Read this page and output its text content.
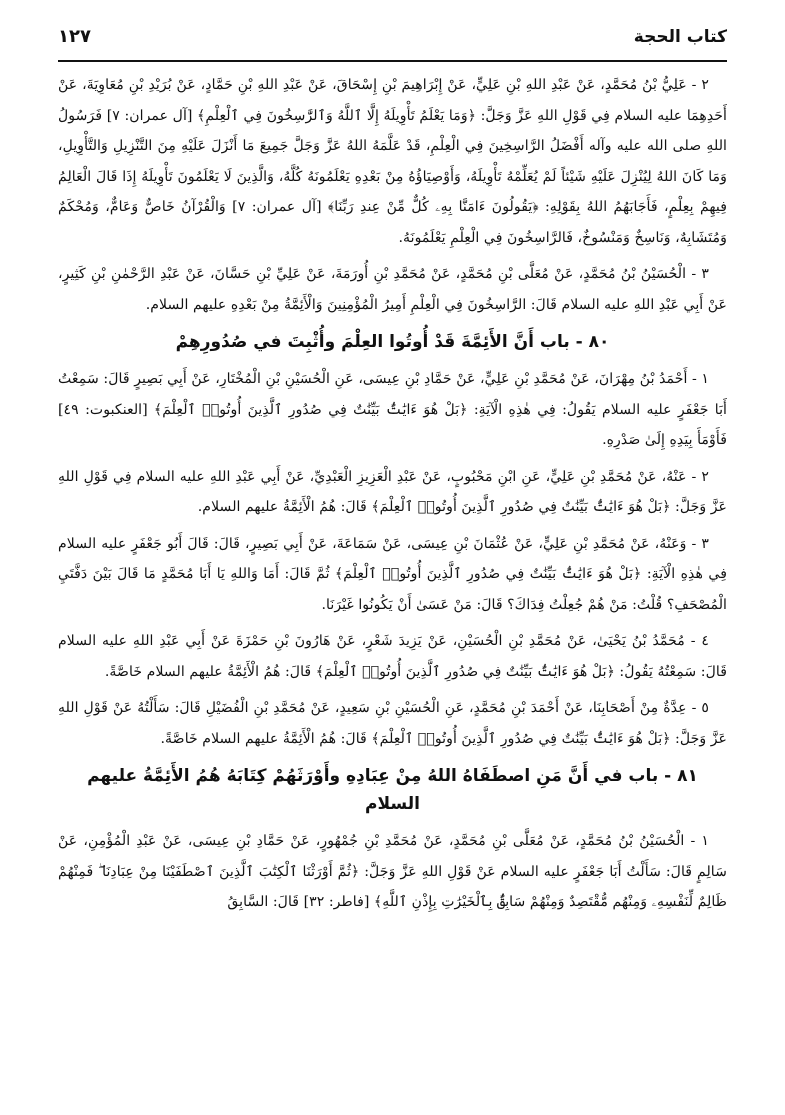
كتاب الحجة
١٢٧

٢ - عَلِيُّ بْنُ مُحَمَّدٍ، عَنْ عَبْدِ اللهِ بْنِ عَلِيٍّ، عَنْ إِبْرَاهِيمَ بْنِ إِسْحَاقَ، عَنْ عَبْدِ اللهِ بْنِ حَمَّادٍ، عَنْ بُرَيْدِ بْنِ مُعَاوِيَةَ، عَنْ أَحَدِهِمَا عليه السلام فِي قَوْلِ اللهِ عَزَّ وَجَلَّ: ﴿وَمَا يَعْلَمُ تَأْوِيلَهُ إِلَّا ٱللَّهُ وَٱلرَّٰسِخُونَ فِي ٱلْعِلْمِ﴾ [آل عمران: ٧] فَرَسُولُ اللهِ صلى الله عليه وآله أَفْضَلُ الرَّاسِخِينَ فِي الْعِلْمِ، قَدْ عَلَّمَهُ اللهُ عَزَّ وَجَلَّ جَمِيعَ مَا أَنْزَلَ عَلَيْهِ مِنَ التَّنْزِيلِ وَالتَّأْوِيلِ، وَمَا كَانَ اللهُ لِيُنْزِلَ عَلَيْهِ شَيْئاً لَمْ يُعَلِّمْهُ تَأْوِيلَهُ، وَأَوْصِيَاؤُهُ مِنْ بَعْدِهِ يَعْلَمُونَهُ كُلَّهُ، وَالَّذِينَ لَا يَعْلَمُونَ تَأْوِيلَهُ إِذَا قَالَ الْعَالِمُ فِيهِمْ بِعِلْمٍ، فَأَجَابَهُمُ اللهُ بِقَوْلِهِ: ﴿يَقُولُونَ ءَامَنَّا بِهِۦ كُلٌّ مِّنْ عِندِ رَبِّنَا﴾ [آل عمران: ٧] وَالْقُرْآنُ خَاصٌّ وَعَامٌّ، وَمُحْكَمٌ وَمُتَشَابِهٌ، وَنَاسِخٌ وَمَنْسُوخٌ، فَالرَّاسِخُونَ فِي الْعِلْمِ يَعْلَمُونَهُ.

٣ - الْحُسَيْنُ بْنُ مُحَمَّدٍ، عَنْ مُعَلَّى بْنِ مُحَمَّدٍ، عَنْ مُحَمَّدِ بْنِ أُورَمَةَ، عَنْ عَلِيِّ بْنِ حَسَّانَ، عَنْ عَبْدِ الرَّحْمٰنِ بْنِ كَثِيرٍ، عَنْ أَبِي عَبْدِ اللهِ عليه السلام قَالَ: الرَّاسِخُونَ فِي الْعِلْمِ أَمِيرُ الْمُؤْمِنِينَ وَالْأَئِمَّةُ مِنْ بَعْدِهِ عليهم السلام.

٨٠ - باب أَنَّ الأَئِمَّةَ قَدْ أُوتُوا العِلْمَ وأُثْبِتَ في صُدُورِهِمْ

١ - أَحْمَدُ بْنُ مِهْرَانَ، عَنْ مُحَمَّدِ بْنِ عَلِيٍّ، عَنْ حَمَّادِ بْنِ عِيسَى، عَنِ الْحُسَيْنِ بْنِ الْمُخْتَارِ، عَنْ أَبِي بَصِيرٍ قَالَ: سَمِعْتُ أَبَا جَعْفَرٍ عليه السلام يَقُولُ: فِي هٰذِهِ الْآيَةِ: ﴿بَلْ هُوَ ءَايَٰتٌۢ بَيِّنَٰتٌ فِي صُدُورِ ٱلَّذِينَ أُوتُوا۟ ٱلْعِلْمَ﴾ [العنكبوت: ٤٩] فَأَوْمَأَ بِيَدِهِ إِلَىٰ صَدْرِهِ.

٢ - عَنْهُ، عَنْ مُحَمَّدِ بْنِ عَلِيٍّ، عَنِ ابْنِ مَحْبُوبٍ، عَنْ عَبْدِ الْعَزِيزِ الْعَبْدِيِّ، عَنْ أَبِي عَبْدِ اللهِ عليه السلام فِي قَوْلِ اللهِ عَزَّ وَجَلَّ: ﴿بَلْ هُوَ ءَايَٰتٌۢ بَيِّنَٰتٌ فِي صُدُورِ ٱلَّذِينَ أُوتُوا۟ ٱلْعِلْمَ﴾ قَالَ: هُمُ الْأَئِمَّةُ عليهم السلام.

٣ - وَعَنْهُ، عَنْ مُحَمَّدِ بْنِ عَلِيٍّ، عَنْ عُثْمَانَ بْنِ عِيسَى، عَنْ سَمَاعَةَ، عَنْ أَبِي بَصِيرٍ، قَالَ: قَالَ أَبُو جَعْفَرٍ عليه السلام فِي هٰذِهِ الْآيَةِ: ﴿بَلْ هُوَ ءَايَٰتٌۢ بَيِّنَٰتٌ فِي صُدُورِ ٱلَّذِينَ أُوتُوا۟ ٱلْعِلْمَ﴾ ثُمَّ قَالَ: أَمَا وَاللهِ يَا أَبَا مُحَمَّدٍ مَا قَالَ بَيْنَ دَفَّتَيِ الْمُصْحَفِ؟ قُلْتُ: مَنْ هُمْ جُعِلْتُ فِدَاكَ؟ قَالَ: مَنْ عَسَىٰ أَنْ يَكُونُوا غَيْرَنَا.

٤ - مُحَمَّدُ بْنُ يَحْيَىٰ، عَنْ مُحَمَّدِ بْنِ الْحُسَيْنِ، عَنْ يَزِيدَ شَعْرٍ، عَنْ هَارُونَ بْنِ حَمْزَةَ عَنْ أَبِي عَبْدِ اللهِ عليه السلام قَالَ: سَمِعْتُهُ يَقُولُ: ﴿بَلْ هُوَ ءَايَٰتٌۢ بَيِّنَٰتٌ فِي صُدُورِ ٱلَّذِينَ أُوتُوا۟ ٱلْعِلْمَ﴾ قَالَ: هُمُ الْأَئِمَّةُ عليهم السلام خَاصَّةً.

٥ - عِدَّةٌ مِنْ أَصْحَابِنَا، عَنْ أَحْمَدَ بْنِ مُحَمَّدٍ، عَنِ الْحُسَيْنِ بْنِ سَعِيدٍ، عَنْ مُحَمَّدِ بْنِ الْفُضَيْلِ قَالَ: سَأَلْتُهُ عَنْ قَوْلِ اللهِ عَزَّ وَجَلَّ: ﴿بَلْ هُوَ ءَايَٰتٌۢ بَيِّنَٰتٌ فِي صُدُورِ ٱلَّذِينَ أُوتُوا۟ ٱلْعِلْمَ﴾ قَالَ: هُمُ الْأَئِمَّةُ عليهم السلام خَاصَّةً.

٨١ - باب في أَنَّ مَنِ اصطَفَاهُ اللهُ مِنْ عِبَادِهِ وأَوْرَثَهُمْ كِتَابَهُ هُمُ الأَئِمَّةُ عليهم السلام

١ - الْحُسَيْنُ بْنُ مُحَمَّدٍ، عَنْ مُعَلَّى بْنِ مُحَمَّدٍ، عَنْ مُحَمَّدِ بْنِ جُمْهُورٍ، عَنْ حَمَّادِ بْنِ عِيسَى، عَنْ عَبْدِ الْمُؤْمِنِ، عَنْ سَالِمٍ قَالَ: سَأَلْتُ أَبَا جَعْفَرٍ عليه السلام عَنْ قَوْلِ اللهِ عَزَّ وَجَلَّ: ﴿ثُمَّ أَوْرَثْنَا ٱلْكِتَٰبَ ٱلَّذِينَ ٱصْطَفَيْنَا مِنْ عِبَادِنَا ۖ فَمِنْهُمْ ظَالِمٌ لِّنَفْسِهِۦ وَمِنْهُم مُّقْتَصِدٌ وَمِنْهُمْ سَابِقٌۢ بِٱلْخَيْرَٰتِ بِإِذْنِ ٱللَّهِ﴾ [فاطر: ٣٢] قَالَ: السَّابِقُ
